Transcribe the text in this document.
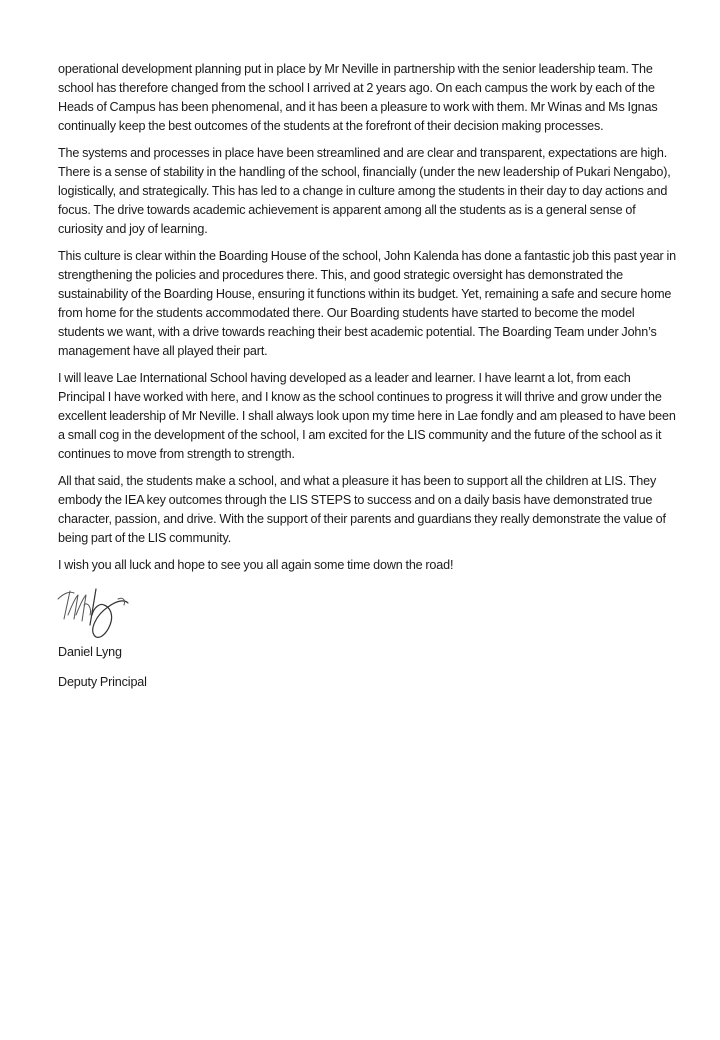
operational development planning put in place by Mr Neville in partnership with the senior leadership team. The school has therefore changed from the school I arrived at 2 years ago. On each campus the work by each of the Heads of Campus has been phenomenal, and it has been a pleasure to work with them. Mr Winas and Ms Ignas continually keep the best outcomes of the students at the forefront of their decision making processes.

The systems and processes in place have been streamlined and are clear and transparent, expectations are high. There is a sense of stability in the handling of the school, financially (under the new leadership of Pukari Nengabo), logistically, and strategically. This has led to a change in culture among the students in their day to day actions and focus. The drive towards academic achievement is apparent among all the students as is a general sense of curiosity and joy of learning.

This culture is clear within the Boarding House of the school, John Kalenda has done a fantastic job this past year in strengthening the policies and procedures there. This, and good strategic oversight has demonstrated the sustainability of the Boarding House, ensuring it functions within its budget. Yet, remaining a safe and secure home from home for the students accommodated there. Our Boarding students have started to become the model students we want, with a drive towards reaching their best academic potential. The Boarding Team under John’s management have all played their part.

I will leave Lae International School having developed as a leader and learner. I have learnt a lot, from each Principal I have worked with here, and I know as the school continues to progress it will thrive and grow under the excellent leadership of Mr Neville. I shall always look upon my time here in Lae fondly and am pleased to have been a small cog in the development of the school, I am excited for the LIS community and the future of the school as it continues to move from strength to strength.

All that said, the students make a school, and what a pleasure it has been to support all the children at LIS. They embody the IEA key outcomes through the LIS STEPS to success and on a daily basis have demonstrated true character, passion, and drive. With the support of their parents and guardians they really demonstrate the value of being part of the LIS community.

I wish you all luck and hope to see you all again some time down the road!

Daniel Lyng

Deputy Principal
